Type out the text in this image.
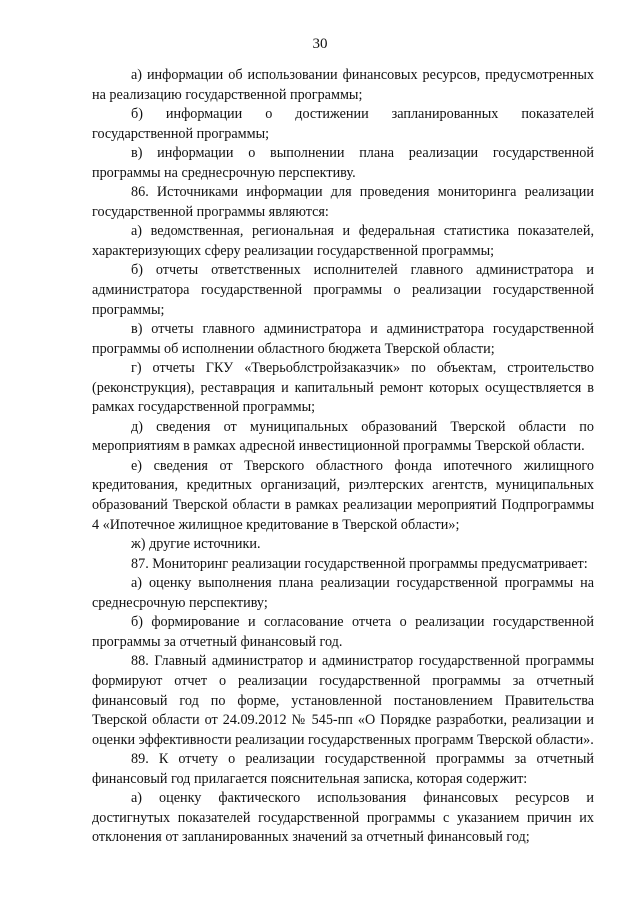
30

а) информации об использовании финансовых ресурсов, предусмотренных на реализацию государственной программы;

б) информации о достижении запланированных показателей государственной программы;

в) информации о выполнении плана реализации государственной программы на среднесрочную перспективу.

86. Источниками информации для проведения мониторинга реализации государственной программы являются:

а) ведомственная, региональная и федеральная статистика показателей, характеризующих сферу реализации государственной программы;

б) отчеты ответственных исполнителей главного администратора и администратора государственной программы о реализации государственной программы;

в) отчеты главного администратора и администратора государственной программы об исполнении областного бюджета Тверской области;

г) отчеты ГКУ «Тверьоблстройзаказчик» по объектам, строительство (реконструкция), реставрация и капитальный ремонт которых осуществляется в рамках государственной программы;

д) сведения от муниципальных образований Тверской области по мероприятиям в рамках адресной инвестиционной программы Тверской области.

е) сведения от Тверского областного фонда ипотечного жилищного кредитования, кредитных организаций, риэлтерских агентств, муниципальных образований Тверской области в рамках реализации мероприятий Подпрограммы 4 «Ипотечное жилищное кредитование в Тверской области»;

ж) другие источники.

87. Мониторинг реализации государственной программы предусматривает:

а) оценку выполнения плана реализации государственной программы на среднесрочную перспективу;

б) формирование и согласование отчета о реализации государственной программы за отчетный финансовый год.

88. Главный администратор и администратор государственной программы формируют отчет о реализации государственной программы за отчетный финансовый год по форме, установленной постановлением Правительства Тверской области от 24.09.2012 № 545-пп «О Порядке разработки, реализации и оценки эффективности реализации государственных программ Тверской области».

89. К отчету о реализации государственной программы за отчетный финансовый год прилагается пояснительная записка, которая содержит:

а) оценку фактического использования финансовых ресурсов и достигнутых показателей государственной программы с указанием причин их отклонения от запланированных значений за отчетный финансовый год;
